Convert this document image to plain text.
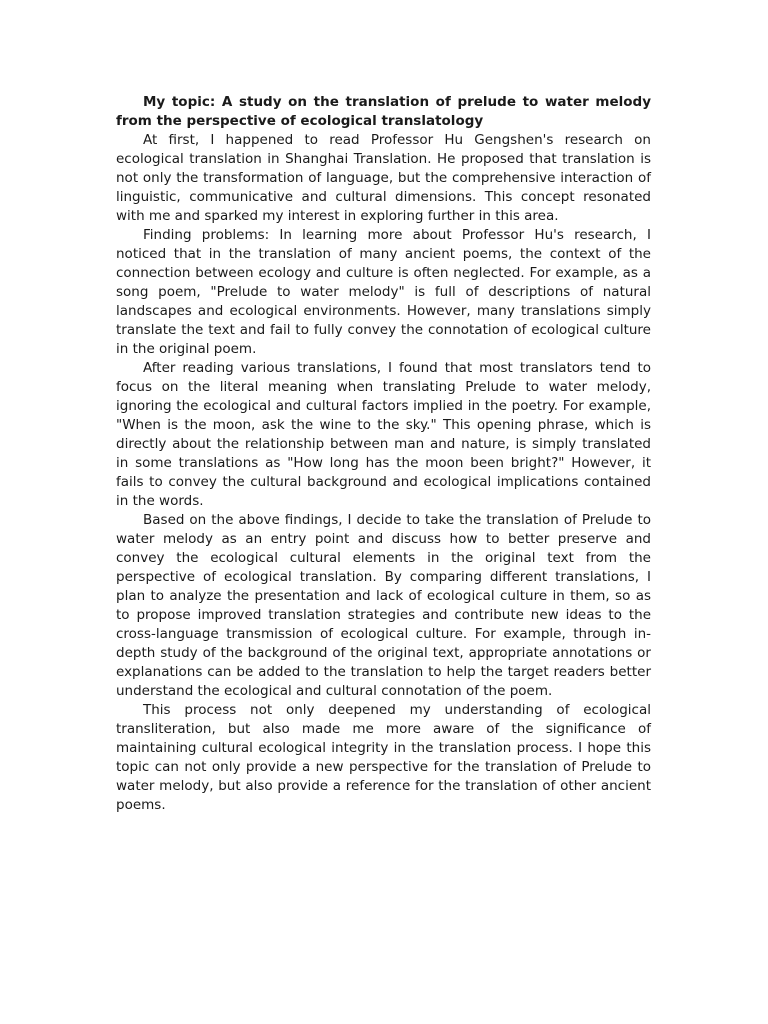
My topic: A study on the translation of prelude to water melody from the perspective of ecological translatology

At first, I happened to read Professor Hu Gengshen's research on ecological translation in Shanghai Translation. He proposed that translation is not only the transformation of language, but the comprehensive interaction of linguistic, communicative and cultural dimensions. This concept resonated with me and sparked my interest in exploring further in this area.

Finding problems: In learning more about Professor Hu's research, I noticed that in the translation of many ancient poems, the context of the connection between ecology and culture is often neglected. For example, as a song poem, "Prelude to water melody" is full of descriptions of natural landscapes and ecological environments. However, many translations simply translate the text and fail to fully convey the connotation of ecological culture in the original poem.

After reading various translations, I found that most translators tend to focus on the literal meaning when translating Prelude to water melody, ignoring the ecological and cultural factors implied in the poetry. For example, "When is the moon, ask the wine to the sky." This opening phrase, which is directly about the relationship between man and nature, is simply translated in some translations as "How long has the moon been bright?" However, it fails to convey the cultural background and ecological implications contained in the words.

Based on the above findings, I decide to take the translation of Prelude to water melody as an entry point and discuss how to better preserve and convey the ecological cultural elements in the original text from the perspective of ecological translation. By comparing different translations, I plan to analyze the presentation and lack of ecological culture in them, so as to propose improved translation strategies and contribute new ideas to the cross-language transmission of ecological culture. For example, through in-depth study of the background of the original text, appropriate annotations or explanations can be added to the translation to help the target readers better understand the ecological and cultural connotation of the poem.

This process not only deepened my understanding of ecological transliteration, but also made me more aware of the significance of maintaining cultural ecological integrity in the translation process. I hope this topic can not only provide a new perspective for the translation of Prelude to water melody, but also provide a reference for the translation of other ancient poems.
